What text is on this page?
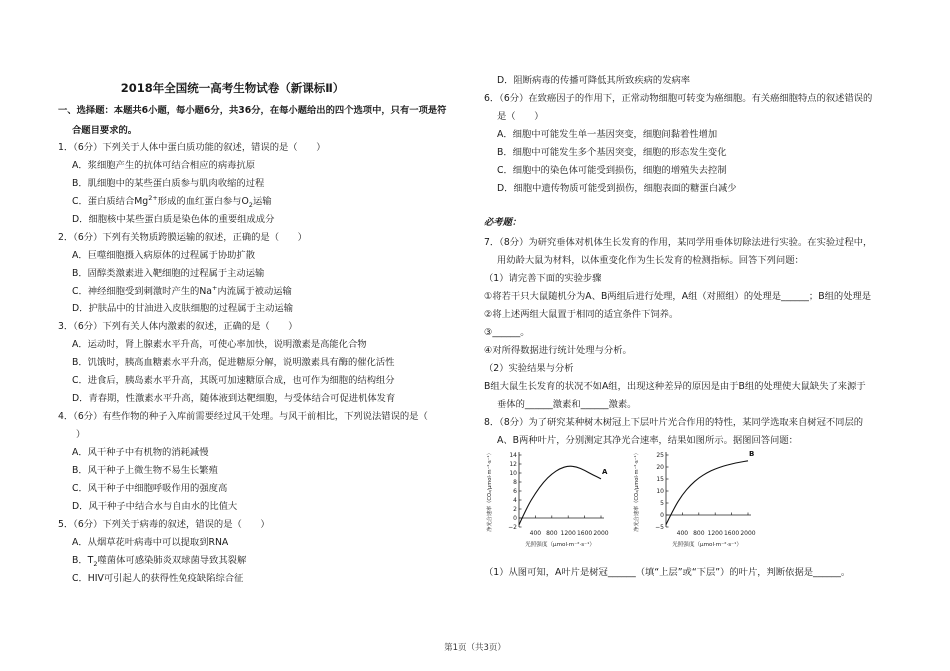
2018年全国统一高考生物试卷（新课标Ⅱ）
一、选择题：本题共6小题，每小题6分，共36分，在每小题给出的四个选项中，只有一项是符
合题目要求的。
1．（6分）下列关于人体中蛋白质功能的叙述，错误的是（　　）
A．浆细胞产生的抗体可结合相应的病毒抗原
B．肌细胞中的某些蛋白质参与肌肉收缩的过程
C．蛋白质结合$Mg^{2+}$形成的血红蛋白参与$O_2$运输
D．细胞核中某些蛋白质是染色体的重要组成成分
2．（6分）下列有关物质跨膜运输的叙述，正确的是（　　）
A．巨噬细胞摄入病原体的过程属于协助扩散
B．固醇类激素进入靶细胞的过程属于主动运输
C．神经细胞受到刺激时产生的Na+内流属于被动运输
D．护肤品中的甘油进入皮肤细胞的过程属于主动运输
3．（6分）下列有关人体内激素的叙述，正确的是（　　）
A．运动时，肾上腺素水平升高，可使心率加快，说明激素是高能化合物
B．饥饿时，胰高血糖素水平升高，促进糖原分解，说明激素具有酶的催化活性
C．进食后，胰岛素水平升高，其既可加速糖原合成，也可作为细胞的结构组分
D．青春期，性激素水平升高，随体液到达靶细胞，与受体结合可促进机体发育
4．（6分）有些作物的种子入库前需要经过风干处理。与风干前相比，下列说法错误的是（
）
A．风干种子中有机物的消耗减慢
B．风干种子上微生物不易生长繁殖
C．风干种子中细胞呼吸作用的强度高
D．风干种子中结合水与自由水的比值大
5．（6分）下列关于病毒的叙述，错误的是（　　）
A．从烟草花叶病毒中可以提取到RNA
B．$T_2$噬菌体可感染肺炎双球菌导致其裂解
C．HIV可引起人的获得性免疫缺陷综合征
D．阻断病毒的传播可降低其所致疾病的发病率
6．（6分）在致癌因子的作用下，正常动物细胞可转变为癌细胞。有关癌细胞特点的叙述错误的
是（　　）
A．细胞中可能发生单一基因突变，细胞间黏着性增加
B．细胞中可能发生多个基因突变，细胞的形态发生变化
C．细胞中的染色体可能受到损伤，细胞的增殖失去控制
D．细胞中遗传物质可能受到损伤，细胞表面的糖蛋白减少
必考题：
7．（8分）为研究垂体对机体生长发育的作用，某同学用垂体切除法进行实验。在实验过程中，
用幼龄大鼠为材料，以体重变化作为生长发育的检测指标。回答下列问题：
（1）请完善下面的实验步骤
①将若干只大鼠随机分为A、B两组后进行处理，A组（对照组）的处理是______；B组的处理是
②将上述两组大鼠置于相同的适宜条件下饲养。
③______。
④对所得数据进行统计处理与分析。
（2）实验结果与分析
B组大鼠生长发育的状况不如A组，出现这种差异的原因是由于B组的处理使大鼠缺失了来源于
垂体的______激素和______激素。
8．（8分）为了研究某种树木树冠上下层叶片光合作用的特性，某同学选取来自树冠不同层的
A、B两种叶片，分别测定其净光合速率，结果如图所示。据图回答问题：
−2
0
2
4
6
8
10
12
14
400 800 1200 1600 2000
A
净光合速率（CO₂/μmol·m⁻²·s⁻¹）
光照强度（μmol·m⁻²·s⁻¹）
−5
0
5
10
15
20
25
400 800 1200 1600 2000
B
净光合速率（CO₂/μmol·m⁻²·s⁻¹）
光照强度（μmol·m⁻²·s⁻¹）
（1）从图可知，A叶片是树冠______（填“上层”或“下层”）的叶片，判断依据是______。
第1页（共3页）
